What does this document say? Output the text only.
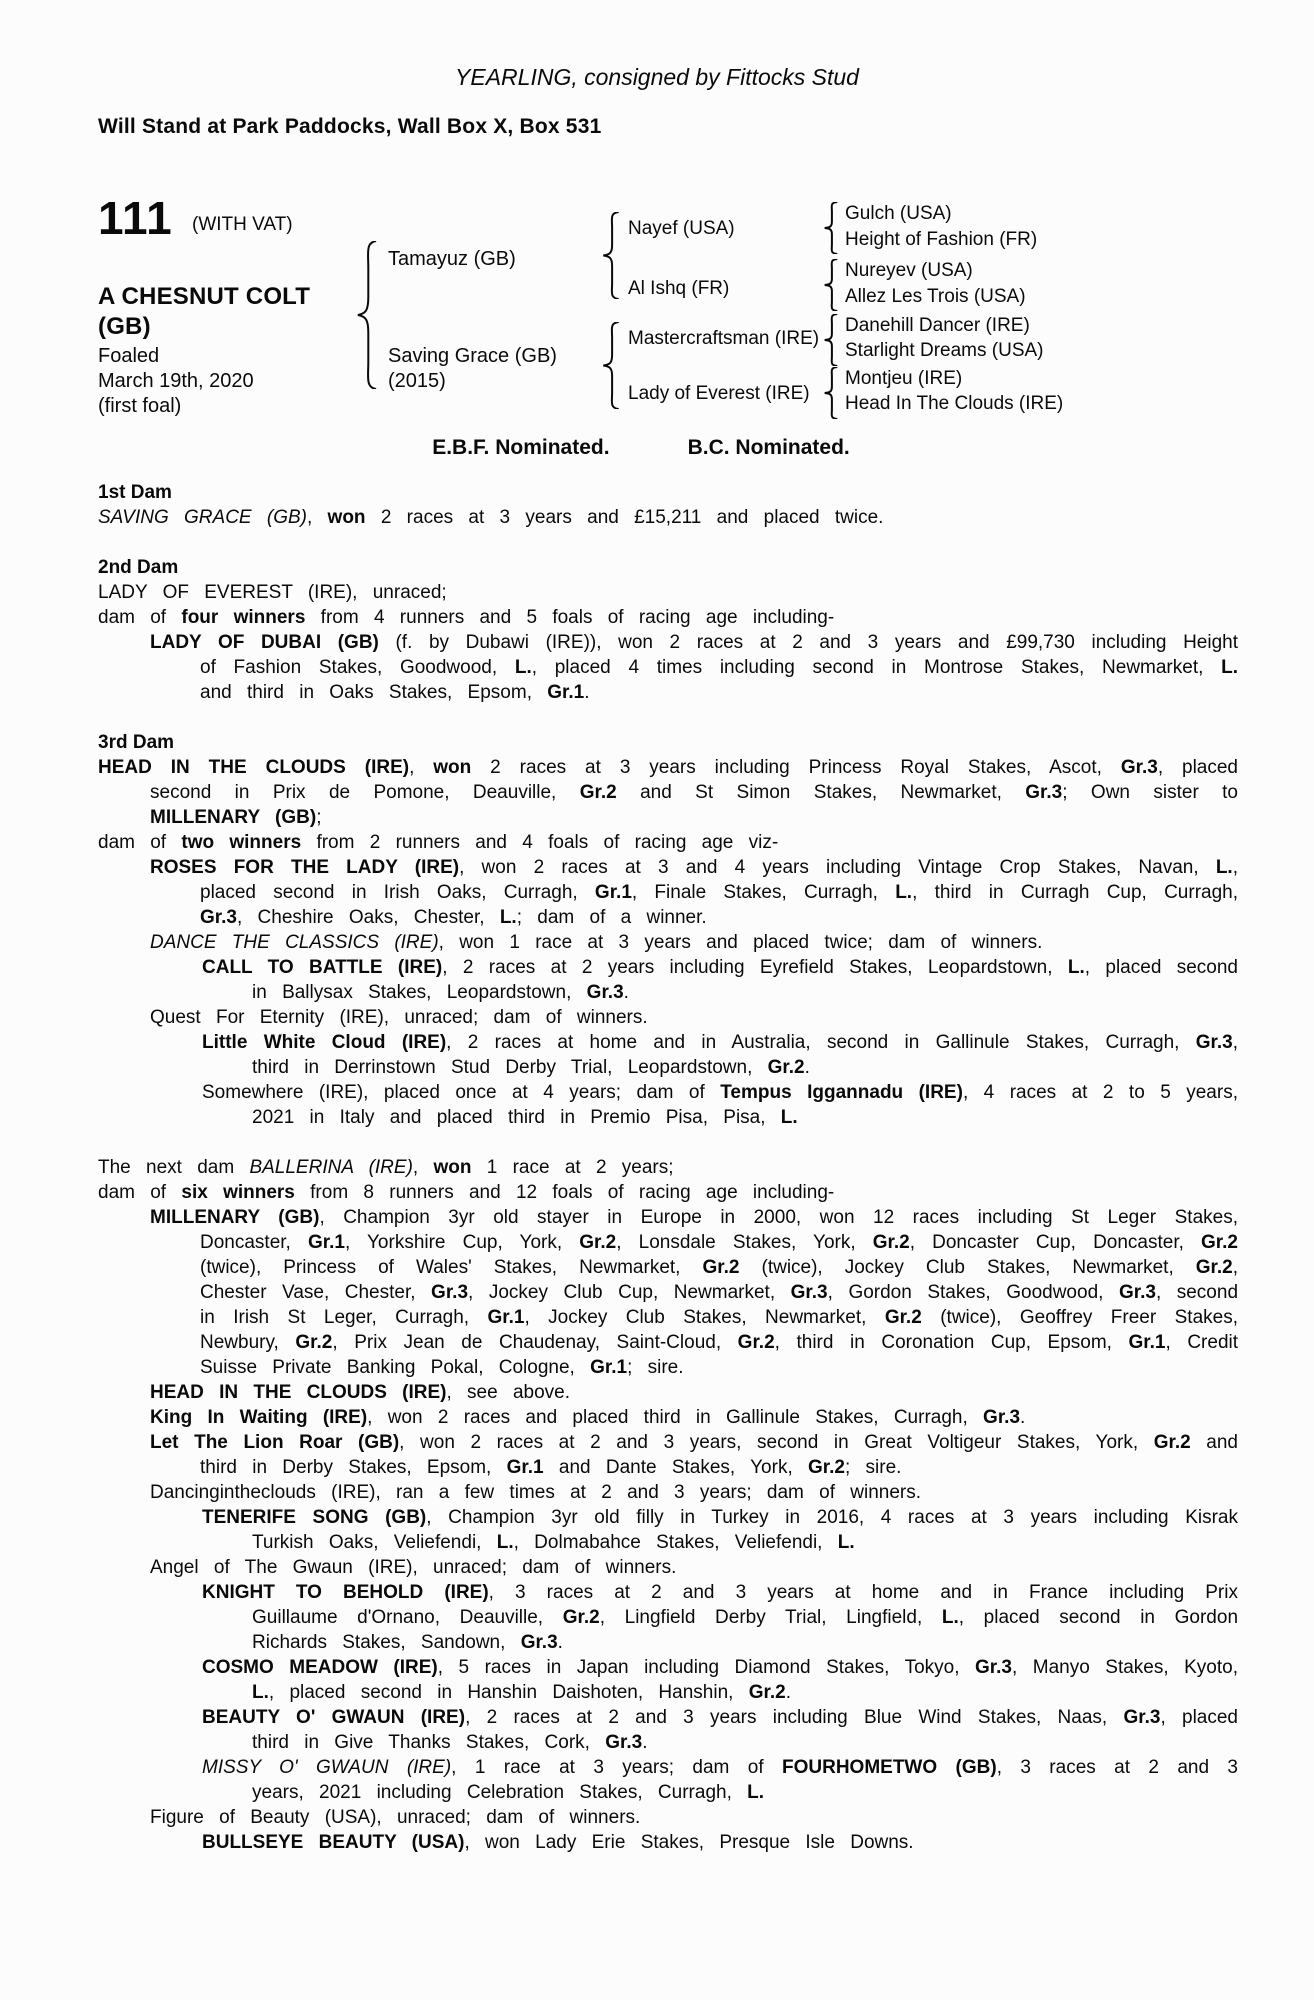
YEARLING, consigned by Fittocks Stud
Will Stand at Park Paddocks, Wall Box X, Box 531
111 (WITH VAT)
A CHESNUT COLT
(GB)
Foaled
March 19th, 2020
(first foal)
Tamayuz (GB)
Saving Grace (GB)
(2015)
Nayef (USA)
Al Ishq (FR)
Mastercraftsman (IRE)
Lady of Everest (IRE)
Gulch (USA)
Height of Fashion (FR)
Nureyev (USA)
Allez Les Trois (USA)
Danehill Dancer (IRE)
Starlight Dreams (USA)
Montjeu (IRE)
Head In The Clouds (IRE)
E.B.F. Nominated.	B.C. Nominated.

1st Dam

SAVING GRACE (GB), won 2 races at 3 years and £15,211 and placed twice.

2nd Dam

LADY OF EVEREST (IRE), unraced;

dam of four winners from 4 runners and 5 foals of racing age including-

LADY OF DUBAI (GB) (f. by Dubawi (IRE)), won 2 races at 2 and 3 years and £99,730 including Height of Fashion Stakes, Goodwood, L., placed 4 times including second in Montrose Stakes, Newmarket, L. and third in Oaks Stakes, Epsom, Gr.1.

3rd Dam

HEAD IN THE CLOUDS (IRE), won 2 races at 3 years including Princess Royal Stakes, Ascot, Gr.3, placed second in Prix de Pomone, Deauville, Gr.2 and St Simon Stakes, Newmarket, Gr.3; Own sister to MILLENARY (GB);

dam of two winners from 2 runners and 4 foals of racing age viz-

ROSES FOR THE LADY (IRE), won 2 races at 3 and 4 years including Vintage Crop Stakes, Navan, L., placed second in Irish Oaks, Curragh, Gr.1, Finale Stakes, Curragh, L., third in Curragh Cup, Curragh, Gr.3, Cheshire Oaks, Chester, L.; dam of a winner.

DANCE THE CLASSICS (IRE), won 1 race at 3 years and placed twice; dam of winners.

CALL TO BATTLE (IRE), 2 races at 2 years including Eyrefield Stakes, Leopardstown, L., placed second in Ballysax Stakes, Leopardstown, Gr.3.

Quest For Eternity (IRE), unraced; dam of winners.

Little White Cloud (IRE), 2 races at home and in Australia, second in Gallinule Stakes, Curragh, Gr.3, third in Derrinstown Stud Derby Trial, Leopardstown, Gr.2.

Somewhere (IRE), placed once at 4 years; dam of Tempus Iggannadu (IRE), 4 races at 2 to 5 years, 2021 in Italy and placed third in Premio Pisa, Pisa, L.

The next dam BALLERINA (IRE), won 1 race at 2 years;

dam of six winners from 8 runners and 12 foals of racing age including-

MILLENARY (GB), Champion 3yr old stayer in Europe in 2000, won 12 races including St Leger Stakes, Doncaster, Gr.1, Yorkshire Cup, York, Gr.2, Lonsdale Stakes, York, Gr.2, Doncaster Cup, Doncaster, Gr.2 (twice), Princess of Wales' Stakes, Newmarket, Gr.2 (twice), Jockey Club Stakes, Newmarket, Gr.2, Chester Vase, Chester, Gr.3, Jockey Club Cup, Newmarket, Gr.3, Gordon Stakes, Goodwood, Gr.3, second in Irish St Leger, Curragh, Gr.1, Jockey Club Stakes, Newmarket, Gr.2 (twice), Geoffrey Freer Stakes, Newbury, Gr.2, Prix Jean de Chaudenay, Saint-Cloud, Gr.2, third in Coronation Cup, Epsom, Gr.1, Credit Suisse Private Banking Pokal, Cologne, Gr.1; sire.

HEAD IN THE CLOUDS (IRE), see above.

King In Waiting (IRE), won 2 races and placed third in Gallinule Stakes, Curragh, Gr.3.

Let The Lion Roar (GB), won 2 races at 2 and 3 years, second in Great Voltigeur Stakes, York, Gr.2 and third in Derby Stakes, Epsom, Gr.1 and Dante Stakes, York, Gr.2; sire.

Dancingintheclouds (IRE), ran a few times at 2 and 3 years; dam of winners.

TENERIFE SONG (GB), Champion 3yr old filly in Turkey in 2016, 4 races at 3 years including Kisrak Turkish Oaks, Veliefendi, L., Dolmabahce Stakes, Veliefendi, L.

Angel of The Gwaun (IRE), unraced; dam of winners.

KNIGHT TO BEHOLD (IRE), 3 races at 2 and 3 years at home and in France including Prix Guillaume d'Ornano, Deauville, Gr.2, Lingfield Derby Trial, Lingfield, L., placed second in Gordon Richards Stakes, Sandown, Gr.3.

COSMO MEADOW (IRE), 5 races in Japan including Diamond Stakes, Tokyo, Gr.3, Manyo Stakes, Kyoto, L., placed second in Hanshin Daishoten, Hanshin, Gr.2.

BEAUTY O' GWAUN (IRE), 2 races at 2 and 3 years including Blue Wind Stakes, Naas, Gr.3, placed third in Give Thanks Stakes, Cork, Gr.3.

MISSY O' GWAUN (IRE), 1 race at 3 years; dam of FOURHOMETWO (GB), 3 races at 2 and 3 years, 2021 including Celebration Stakes, Curragh, L.

Figure of Beauty (USA), unraced; dam of winners.

BULLSEYE BEAUTY (USA), won Lady Erie Stakes, Presque Isle Downs.
